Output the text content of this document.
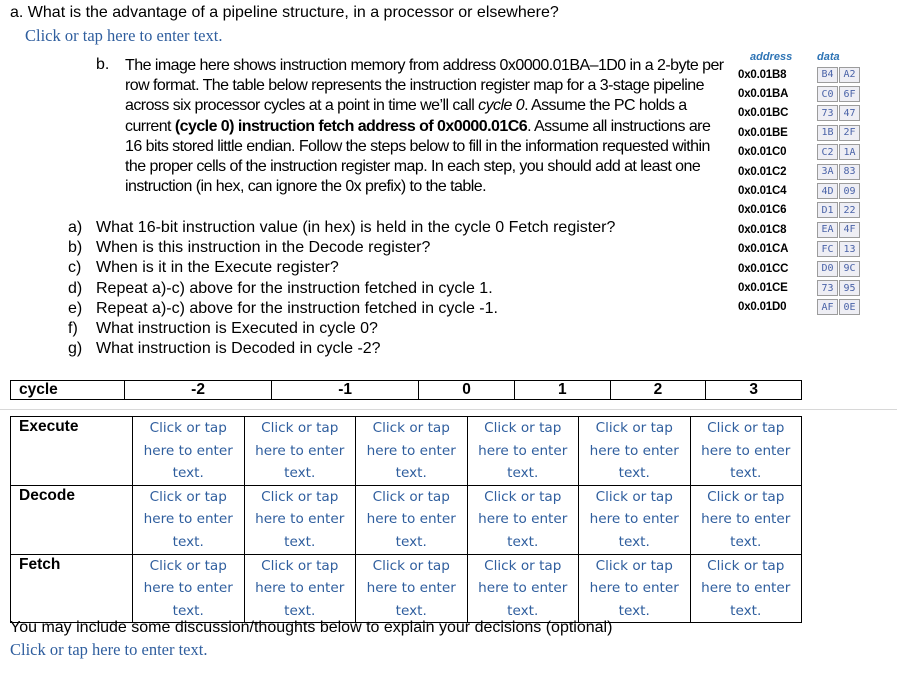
a. What is the advantage of a pipeline structure, in a processor or elsewhere?
Click or tap here to enter text.
b. The image here shows instruction memory from address 0x0000.01BA–1D0 in a 2-byte per row format. The table below represents the instruction register map for a 3-stage pipeline across six processor cycles at a point in time we’ll call cycle 0. Assume the PC holds a current (cycle 0) instruction fetch address of 0x0000.01C6. Assume all instructions are 16 bits stored little endian. Follow the steps below to fill in the information requested within the proper cells of the instruction register map. In each step, you should add at least one instruction (in hex, can ignore the 0x prefix) to the table.
a) What 16-bit instruction value (in hex) is held in the cycle 0 Fetch register?
b) When is this instruction in the Decode register?
c) When is it in the Execute register?
d) Repeat a)-c) above for the instruction fetched in cycle 1.
e) Repeat a)-c) above for the instruction fetched in cycle -1.
f)	What instruction is Executed in cycle 0?
g) What instruction is Decoded in cycle -2?
address data
0x0.01B8	B4 A2
0x0.01BA	C0 6F
0x0.01BC	73 47
0x0.01BE	1B 2F
0x0.01C0	C2 1A
0x0.01C2	3A 83
0x0.01C4	4D 09
0x0.01C6	D1 22
0x0.01C8	EA 4F
0x0.01CA	FC 13
0x0.01CC	D0 9C
0x0.01CE	73 95
0x0.01D0	AF 0E
cycle	-2	-1	0	1	2	3
Execute	Click or tap here to enter text.	Click or tap here to enter text.	Click or tap here to enter text.	Click or tap here to enter text.	Click or tap here to enter text.	Click or tap here to enter text.

Decode	Click or tap here to enter text.	Click or tap here to enter text.	Click or tap here to enter text.	Click or tap here to enter text.	Click or tap here to enter text.	Click or tap here to enter text.

Fetch	Click or tap here to enter text.	Click or tap here to enter text.	Click or tap here to enter text.	Click or tap here to enter text.	Click or tap here to enter text.	Click or tap here to enter text.
You may include some discussion/thoughts below to explain your decisions (optional)
Click or tap here to enter text.
